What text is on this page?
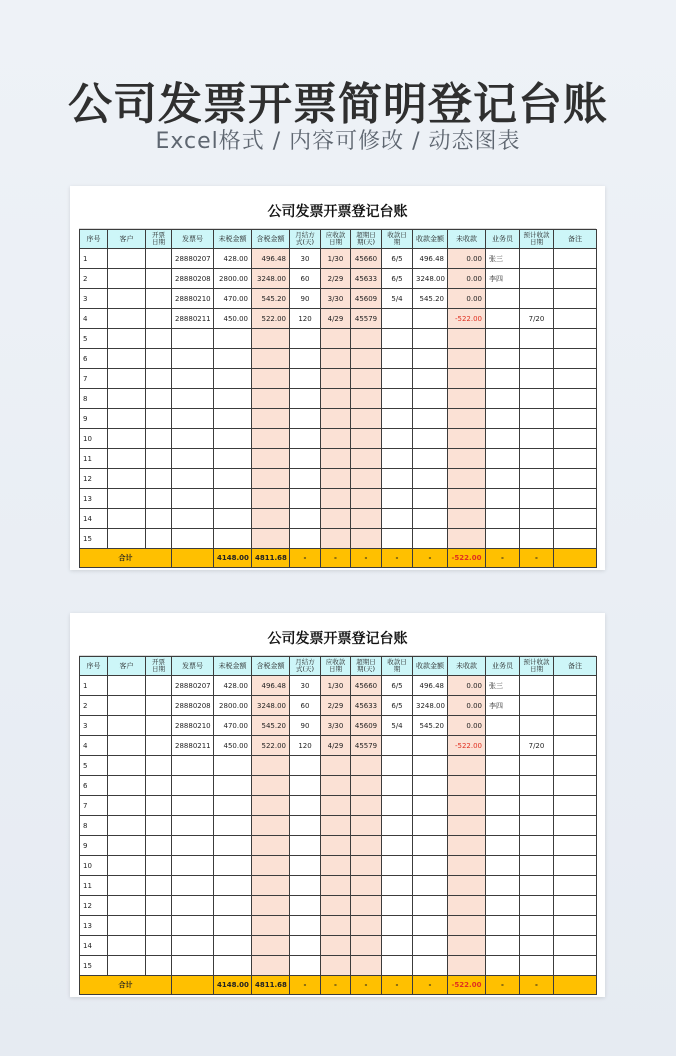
公司发票开票简明登记台账
Excel格式 / 内容可修改 / 动态图表
公司发票开票登记台账
序号	客户	开票日期	发票号	未税金额	含税金额	月结方式(天)	应收款日期	超期日期(天)	收款日期	收款金额	未收款	业务员	预计收款日期	备注
1			28880207	428.00	496.48	30	1/30	45660	6/5	496.48	0.00	张三		
2			28880208	2800.00	3248.00	60	2/29	45633	6/5	3248.00	0.00	李四		
3			28880210	470.00	545.20	90	3/30	45609	5/4	545.20	0.00			
4			28880211	450.00	522.00	120	4/29	45579			-522.00		7/20	
5														
6														
7														
8														
9														
10														
11														
12														
13														
14														
15														
合计				4148.00	4811.68	-	-	-	-	-	-522.00	-	-	
公司发票开票登记台账
序号	客户	开票日期	发票号	未税金额	含税金额	月结方式(天)	应收款日期	超期日期(天)	收款日期	收款金额	未收款	业务员	预计收款日期	备注
1			28880207	428.00	496.48	30	1/30	45660	6/5	496.48	0.00	张三		
2			28880208	2800.00	3248.00	60	2/29	45633	6/5	3248.00	0.00	李四		
3			28880210	470.00	545.20	90	3/30	45609	5/4	545.20	0.00			
4			28880211	450.00	522.00	120	4/29	45579			-522.00		7/20	
5														
6														
7														
8														
9														
10														
11														
12														
13														
14														
15														
合计				4148.00	4811.68	-	-	-	-	-	-522.00	-	-	
